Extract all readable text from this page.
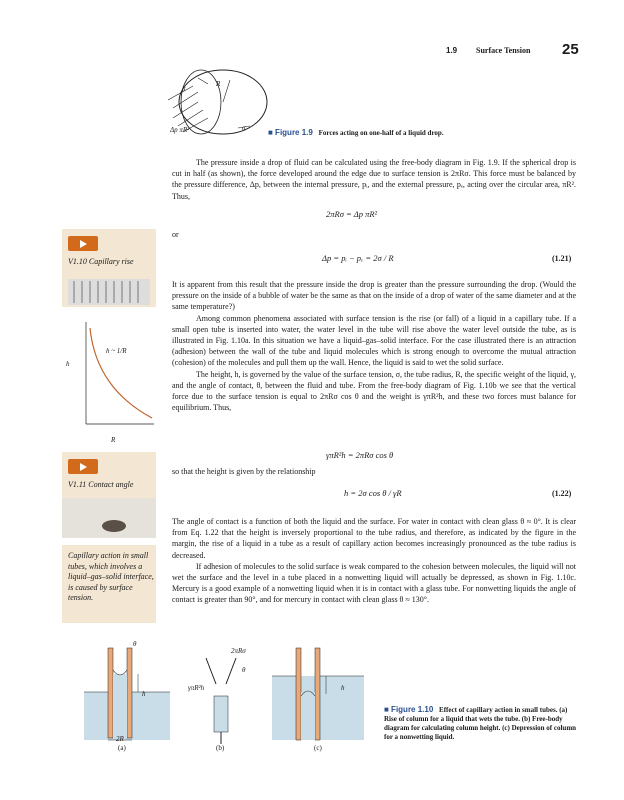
1.9 Surface Tension 25
σ
R
σ
Δp πR²	■ Figure 1.9 Forces acting on one-half of a liquid drop.

The pressure inside a drop of fluid can be calculated using the free-body diagram in Fig. 1.9. If the spherical drop is cut in half (as shown), the force developed around the edge due to surface tension is 2πRσ. This force must be balanced by the pressure difference, Δp, between the internal pressure, pᵢ, and the external pressure, pₑ, acting over the circular area, πR². Thus,

2πRσ = Δp πR²
or
Δp = pᵢ − pₑ = 2σ / R	(1.21)

It is apparent from this result that the pressure inside the drop is greater than the pressure surrounding the drop. (Would the pressure on the inside of a bubble of water be the same as that on the inside of a drop of water of the same diameter and at the same temperature?)

Among common phenomena associated with surface tension is the rise (or fall) of a liquid in a capillary tube. If a small open tube is inserted into water, the water level in the tube will rise above the water level outside the tube, as is illustrated in Fig. 1.10a. In this situation we have a liquid–gas–solid interface. For the case illustrated there is an attraction (adhesion) between the wall of the tube and liquid molecules which is strong enough to overcome the mutual attraction (cohesion) of the molecules and pull them up the wall. Hence, the liquid is said to wet the solid surface.

The height, h, is governed by the value of the surface tension, σ, the tube radius, R, the specific weight of the liquid, γ, and the angle of contact, θ, between the fluid and tube. From the free-body diagram of Fig. 1.10b we see that the vertical force due to the surface tension is equal to 2πRσ cos θ and the weight is γπR²h, and these two forces must balance for equilibrium. Thus,

γπR²h = 2πRσ cos θ
so that the height is given by the relationship
h = 2σ cos θ / γR	(1.22)

The angle of contact is a function of both the liquid and the surface. For water in contact with clean glass θ ≈ 0°. It is clear from Eq. 1.22 that the height is inversely proportional to the tube radius, and therefore, as indicated by the figure in the margin, the rise of a liquid in a tube as a result of capillary action becomes increasingly pronounced as the tube radius is decreased.

If adhesion of molecules to the solid surface is weak compared to the cohesion between molecules, the liquid will not wet the surface and the level in a tube placed in a nonwetting liquid will actually be depressed, as shown in Fig. 1.10c. Mercury is a good example of a nonwetting liquid when it is in contact with a glass tube. For nonwetting liquids the angle of contact is greater than 90°, and for mercury in contact with clean glass θ ≈ 130°.

V1.10 Capillary rise
h
h ~ 1/R
R
V1.11 Contact angle
Capillary action in small tubes, which involves a liquid–gas–solid interface, is caused by surface tension.
θ
h
2R
(a)
2πRσ
θ
γπR²h
(b)
h
(c)
■ Figure 1.10 Effect of capillary action in small tubes. (a) Rise of column for a liquid that wets the tube. (b) Free-body diagram for calculating column height. (c) Depression of column for a nonwetting liquid.
